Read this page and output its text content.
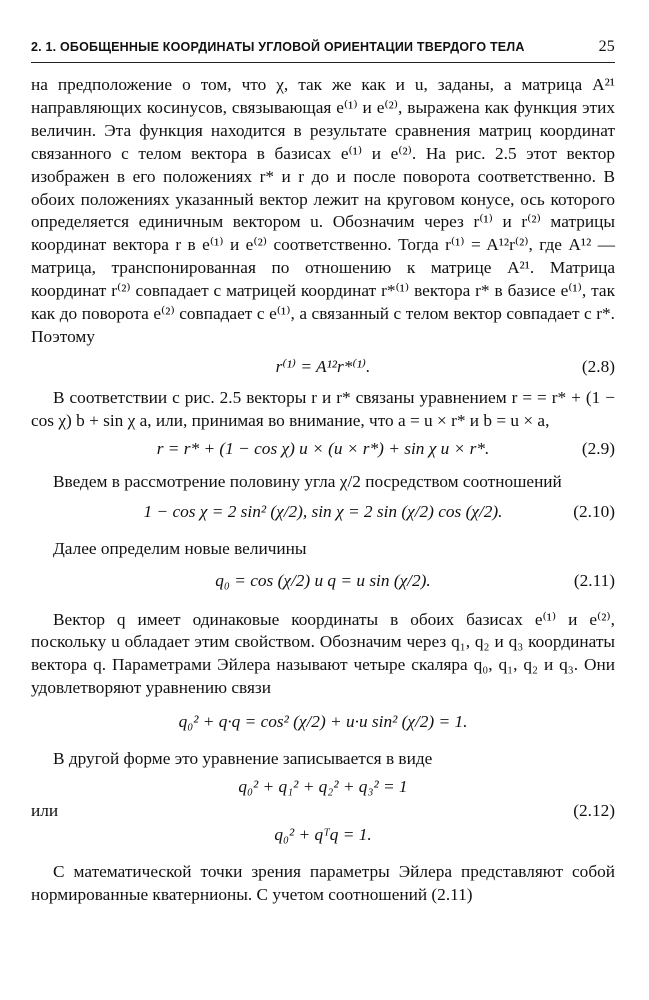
2. 1. ОБОБЩЕННЫЕ КООРДИНАТЫ УГЛОВОЙ ОРИЕНТАЦИИ ТВЕРДОГО ТЕЛА	25

на предположение о том, что χ, так же как и u, заданы, а матрица A²¹ направляющих косинусов, связывающая e⁽¹⁾ и e⁽²⁾, выражена как функция этих величин. Эта функция находится в результате сравнения матриц координат связанного с телом вектора в базисах e⁽¹⁾ и e⁽²⁾. На рис. 2.5 этот вектор изображен в его положениях r* и r до и после поворота соответственно. В обоих положениях указанный вектор лежит на круговом конусе, ось которого определяется единичным вектором u. Обозначим через r⁽¹⁾ и r⁽²⁾ матрицы координат вектора r в e⁽¹⁾ и e⁽²⁾ соответственно. Тогда r⁽¹⁾ = A¹²r⁽²⁾, где A¹² — матрица, транспонированная по отношению к матрице A²¹. Матрица координат r⁽²⁾ совпадает с матрицей координат r*⁽¹⁾ вектора r* в базисе e⁽¹⁾, так как до поворота e⁽²⁾ совпадает с e⁽¹⁾, а связанный с телом вектор совпадает с r*. Поэтому

r⁽¹⁾ = A¹²r*⁽¹⁾.	(2.8)

В соответствии с рис. 2.5 векторы r и r* связаны уравнением r = = r* + (1 − cos χ) b + sin χ a, или, принимая во внимание, что a = u × r* и b = u × a,

r = r* + (1 − cos χ) u × (u × r*) + sin χ u × r*.	(2.9)

Введем в рассмотрение половину угла χ/2 посредством соотношений

1 − cos χ = 2 sin² (χ/2), sin χ = 2 sin (χ/2) cos (χ/2).	(2.10)

Далее определим новые величины

q₀ = cos (χ/2) и q = u sin (χ/2).	(2.11)

Вектор q имеет одинаковые координаты в обоих базисах e⁽¹⁾ и e⁽²⁾, поскольку u обладает этим свойством. Обозначим через q₁, q₂ и q₃ координаты вектора q. Параметрами Эйлера называют четыре скаляра q₀, q₁, q₂ и q₃. Они удовлетворяют уравнению связи

q₀² + q·q = cos² (χ/2) + u·u sin² (χ/2) = 1.

В другой форме это уравнение записывается в виде

q₀² + q₁² + q₂² + q₃² = 1
или
	(2.12)
q₀² + qᵀq = 1.

С математической точки зрения параметры Эйлера представляют собой нормированные кватернионы. С учетом соотношений (2.11)
